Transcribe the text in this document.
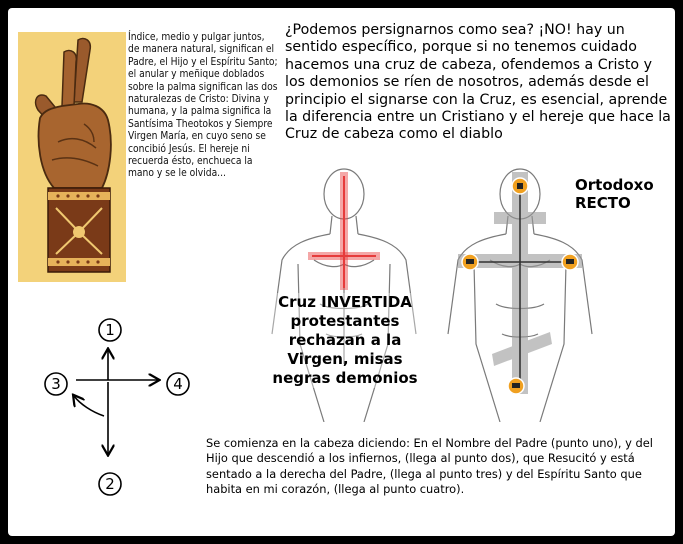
Índice, medio y pulgar juntos, de manera natural, significan el Padre, el Hijo y el Espíritu Santo; el anular y meñique doblados sobre la palma significan las dos naturalezas de Cristo: Divina y humana, y la palma significa la Santísima Theotokos y Siempre Virgen María, en cuyo seno se concibió Jesús. El hereje ni recuerda ésto, enchueca la mano y se le olvida...
¿Podemos persignarnos como sea? ¡NO! hay un sentido específico, porque si no tenemos cuidado hacemos una cruz de cabeza, ofendemos a Cristo y los demonios se ríen de nosotros, además desde el principio el signarse con la Cruz, es esencial, aprende la diferencia entre un Cristiano y el hereje que hace la Cruz de cabeza como el diablo
Ortodoxo
RECTO
Cruz INVERTIDA
protestantes
rechazan a la
Virgen, misas
negras demonios
1
2
3	4
Se comienza en la cabeza diciendo: En el Nombre del Padre (punto uno), y del Hijo que descendió a los infiernos, (llega al punto dos), que Resucitó y está sentado a la derecha del Padre, (llega al punto tres) y del Espíritu Santo que habita en mi corazón, (llega al punto cuatro).
